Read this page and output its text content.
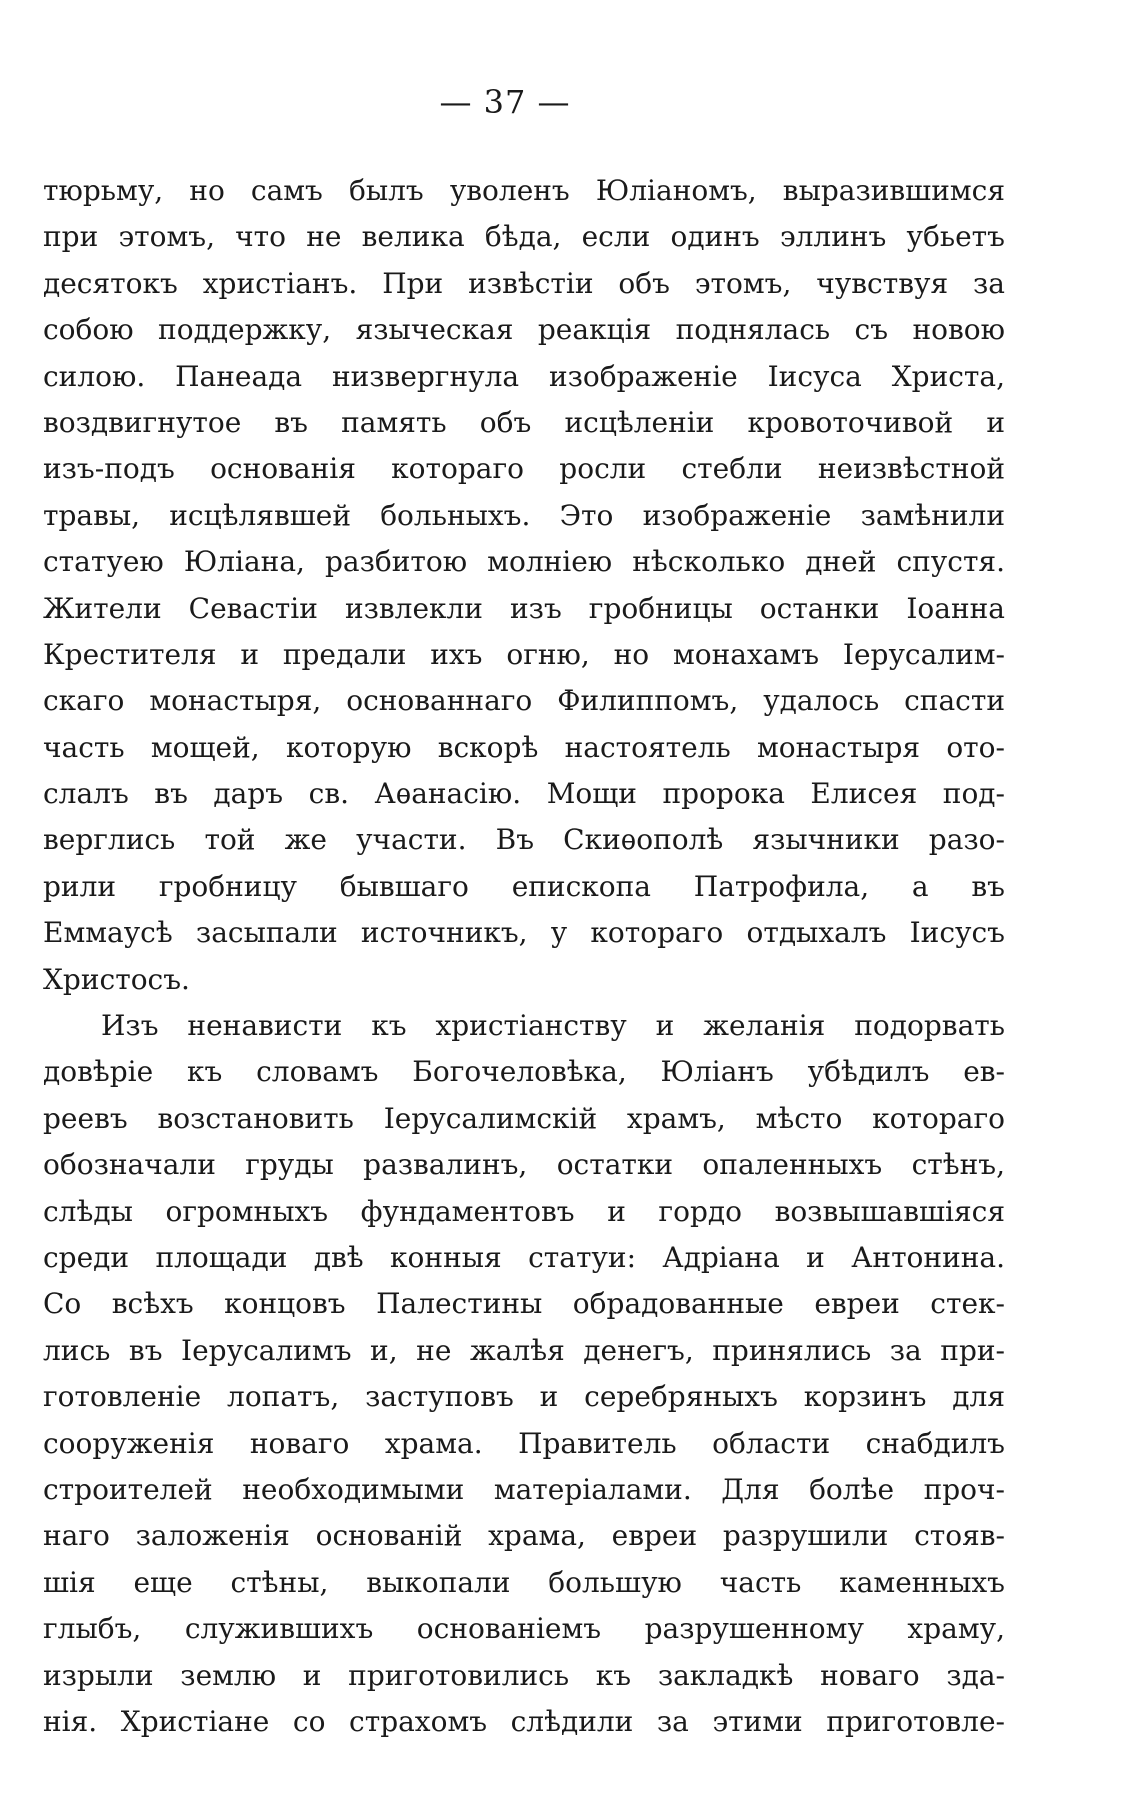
— 37 —
тюрьму, но самъ былъ уволенъ Юліаномъ, выразившимся
при этомъ, что не велика бѣда, если одинъ эллинъ убьетъ
десятокъ христіанъ. При извѣстіи объ этомъ, чувствуя за
собою поддержку, языческая реакція поднялась съ новою
силою. Панеада низвергнула изображеніе Іисуса Христа,
воздвигнутое въ память объ исцѣленіи кровоточивой и
изъ-подъ основанія котораго росли стебли неизвѣстной
травы, исцѣлявшей больныхъ. Это изображеніе замѣнили
статуею Юліана, разбитою молніею нѣсколько дней спустя.
Жители Севастіи извлекли изъ гробницы останки Іоанна
Крестителя и предали ихъ огню, но монахамъ Іерусалим-
скаго монастыря, основаннаго Филиппомъ, удалось спасти
часть мощей, которую вскорѣ настоятель монастыря ото-
слалъ въ даръ св. Аѳанасію. Мощи пророка Елисея под-
верглись той же участи. Въ Скиѳополѣ язычники разо-
рили гробницу бывшаго епископа Патрофила, а въ
Еммаусѣ засыпали источникъ, у котораго отдыхалъ Іисусъ
Христосъ.
Изъ ненависти къ христіанству и желанія подорвать
довѣріе къ словамъ Богочеловѣка, Юліанъ убѣдилъ ев-
реевъ возстановить Іерусалимскій храмъ, мѣсто котораго
обозначали груды развалинъ, остатки опаленныхъ стѣнъ,
слѣды огромныхъ фундаментовъ и гордо возвышавшіяся
среди площади двѣ конныя статуи: Адріана и Антонина.
Со всѣхъ концовъ Палестины обрадованные евреи стек-
лись въ Іерусалимъ и, не жалѣя денегъ, принялись за при-
готовленіе лопатъ, заступовъ и серебряныхъ корзинъ для
сооруженія новаго храма. Правитель области снабдилъ
строителей необходимыми матеріалами. Для болѣе проч-
наго заложенія основаній храма, евреи разрушили стояв-
шія еще стѣны, выкопали большую часть каменныхъ
глыбъ, служившихъ основаніемъ разрушенному храму,
изрыли землю и приготовились къ закладкѣ новаго зда-
нія. Христіане со страхомъ слѣдили за этими приготовле-
